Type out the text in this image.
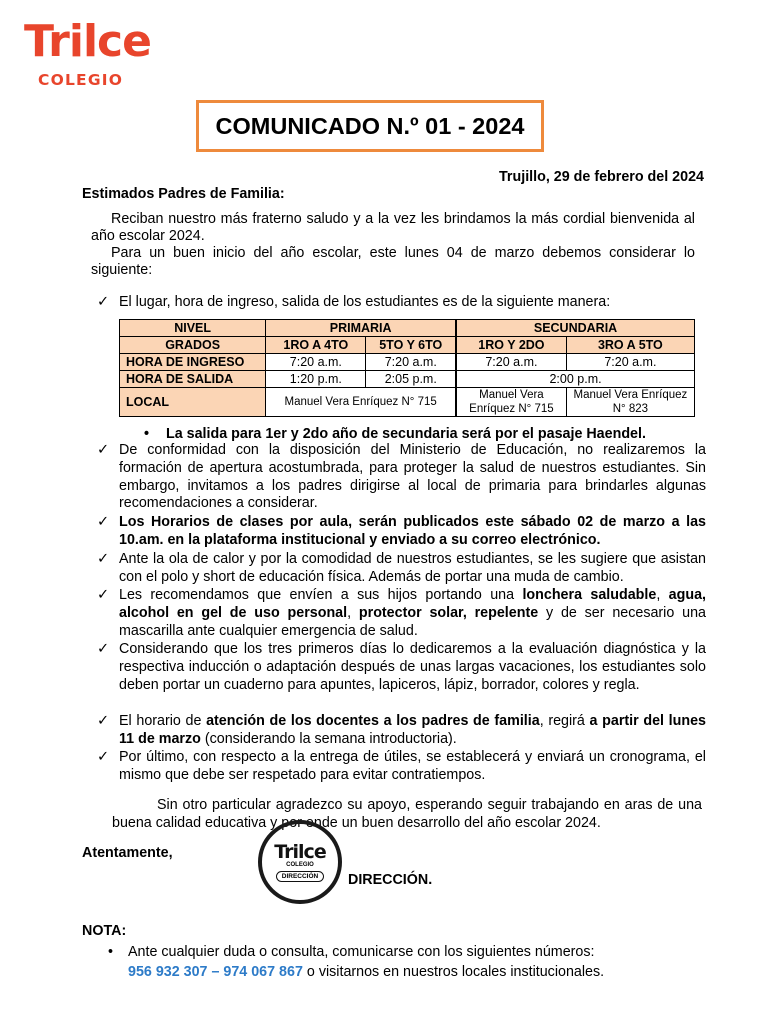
Trilce
COLEGIO
COMUNICADO N.º 01 - 2024
Trujillo, 29 de febrero del 2024
Estimados Padres de Familia:
Reciban nuestro más fraterno saludo y a la vez les brindamos la más cordial bienvenida al año escolar 2024.
Para un buen inicio del año escolar, este lunes 04 de marzo debemos considerar lo siguiente:
✓ El lugar, hora de ingreso, salida de los estudiantes es de la siguiente manera:
NIVEL	PRIMARIA		SECUNDARIA	
GRADOS	1RO A 4TO	5TO Y 6TO	1RO Y 2DO	3RO A 5TO
HORA DE INGRESO	7:20 a.m.	7:20 a.m.	7:20 a.m.	7:20 a.m.
HORA DE SALIDA	1:20 p.m.	2:05 p.m.	2:00 p.m.	
LOCAL	Manuel Vera Enríquez N° 715		Manuel Vera Enríquez N° 715	Manuel Vera Enríquez N° 823
• La salida para 1er y 2do año de secundaria será por el pasaje Haendel.
✓ De conformidad con la disposición del Ministerio de Educación, no realizaremos la formación de apertura acostumbrada, para proteger la salud de nuestros estudiantes. Sin embargo, invitamos a los padres dirigirse al local de primaria para brindarles algunas recomendaciones a considerar.
✓ Los Horarios de clases por aula, serán publicados este sábado 02 de marzo a las 10.am. en la plataforma institucional y enviado a su correo electrónico.
✓ Ante la ola de calor y por la comodidad de nuestros estudiantes, se les sugiere que asistan con el polo y short de educación física. Además de portar una muda de cambio.
✓ Les recomendamos que envíen a sus hijos portando una lonchera saludable, agua, alcohol en gel de uso personal, protector solar, repelente y de ser necesario una mascarilla ante cualquier emergencia de salud.
✓ Considerando que los tres primeros días lo dedicaremos a la evaluación diagnóstica y la respectiva inducción o adaptación después de unas largas vacaciones, los estudiantes solo deben portar un cuaderno para apuntes, lapiceros, lápiz, borrador, colores y regla.
✓ El horario de atención de los docentes a los padres de familia, regirá a partir del lunes 11 de marzo (considerando la semana introductoria).
✓ Por último, con respecto a la entrega de útiles, se establecerá y enviará un cronograma, el mismo que debe ser respetado para evitar contratiempos.
Sin otro particular agradezco su apoyo, esperando seguir trabajando en aras de una buena calidad educativa y por ende un buen desarrollo del año escolar 2024.
Atentamente,	Trilce
COLEGIO
DIRECCIÓN	DIRECCIÓN.
NOTA:
• Ante cualquier duda o consulta, comunicarse con los siguientes números:
956 932 307 – 974 067 867 o visitarnos en nuestros locales institucionales.
